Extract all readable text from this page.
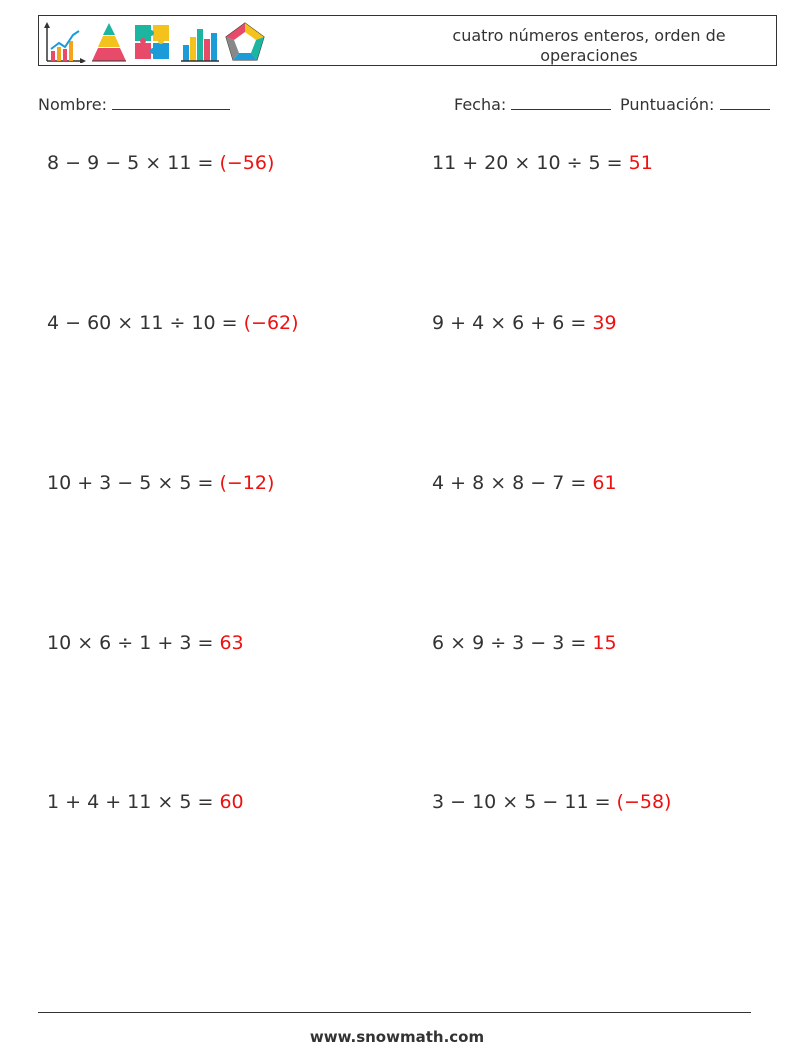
cuatro números enteros, orden de operaciones
Nombre:	Fecha:	Puntuación:
8 − 9 − 5 × 11 = (−56)	11 + 20 × 10 ÷ 5 = 51
4 − 60 × 11 ÷ 10 = (−62)	9 + 4 × 6 + 6 = 39
10 + 3 − 5 × 5 = (−12)	4 + 8 × 8 − 7 = 61
10 × 6 ÷ 1 + 3 = 63	6 × 9 ÷ 3 − 3 = 15
1 + 4 + 11 × 5 = 60	3 − 10 × 5 − 11 = (−58)
www.snowmath.com
